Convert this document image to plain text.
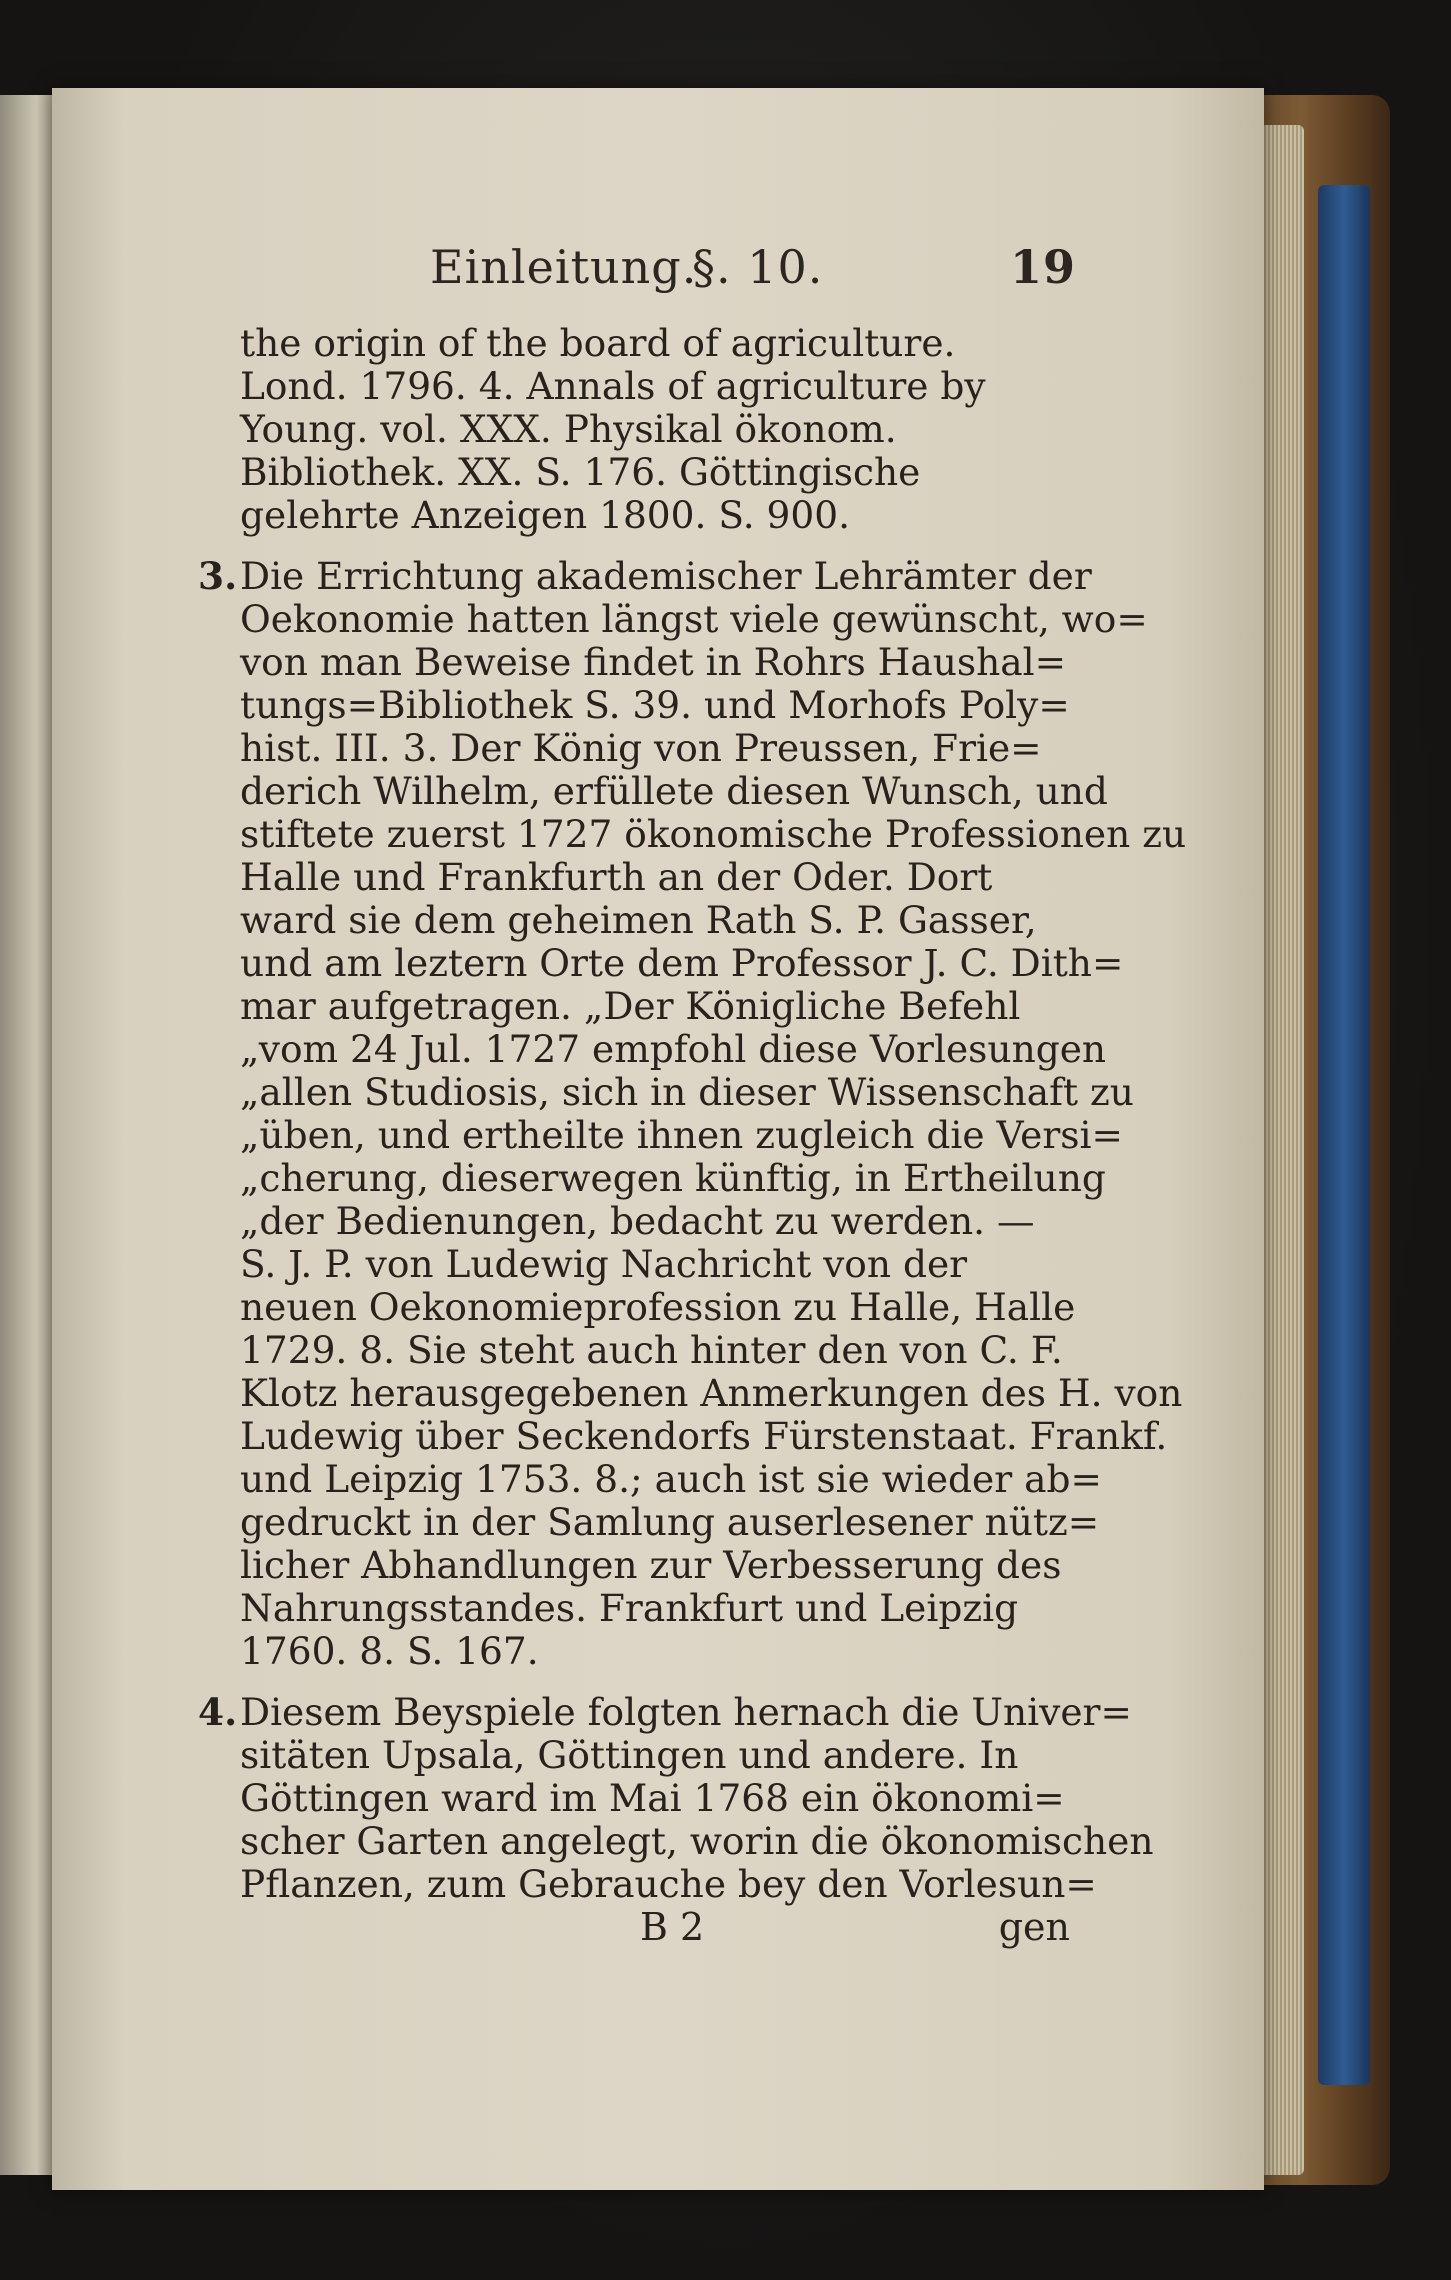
Einleitung.
§. 10.	19
the origin of the board of agriculture.
Lond. 1796. 4. Annals of agriculture by
Young. vol. XXX. Physikal ökonom.
Bibliothek. XX. S. 176. Göttingische
gelehrte Anzeigen 1800. S. 900.
3. Die Errichtung akademischer Lehrämter der
Oekonomie hatten längst viele gewünscht, wo=
von man Beweise findet in Rohrs Haushal=
tungs=Bibliothek S. 39. und Morhofs Poly=
hist. III. 3. Der König von Preussen, Frie=
derich Wilhelm, erfüllete diesen Wunsch, und
stiftete zuerst 1727 ökonomische Professionen zu
Halle und Frankfurth an der Oder. Dort
ward sie dem geheimen Rath S. P. Gasser,
und am leztern Orte dem Professor J. C. Dith=
mar aufgetragen. „Der Königliche Befehl
„vom 24 Jul. 1727 empfohl diese Vorlesungen
„allen Studiosis, sich in dieser Wissenschaft zu
„üben, und ertheilte ihnen zugleich die Versi=
„cherung, dieserwegen künftig, in Ertheilung
„der Bedienungen, bedacht zu werden. —
S. J. P. von Ludewig Nachricht von der
neuen Oekonomieprofession zu Halle, Halle
1729. 8. Sie steht auch hinter den von C. F.
Klotz herausgegebenen Anmerkungen des H. von
Ludewig über Seckendorfs Fürstenstaat. Frankf.
und Leipzig 1753. 8.; auch ist sie wieder ab=
gedruckt in der Samlung auserlesener nütz=
licher Abhandlungen zur Verbesserung des
Nahrungsstandes. Frankfurt und Leipzig
1760. 8. S. 167.
4. Diesem Beyspiele folgten hernach die Univer=
sitäten Upsala, Göttingen und andere. In
Göttingen ward im Mai 1768 ein ökonomi=
scher Garten angelegt, worin die ökonomischen
Pflanzen, zum Gebrauche bey den Vorlesun=
B 2	gen
